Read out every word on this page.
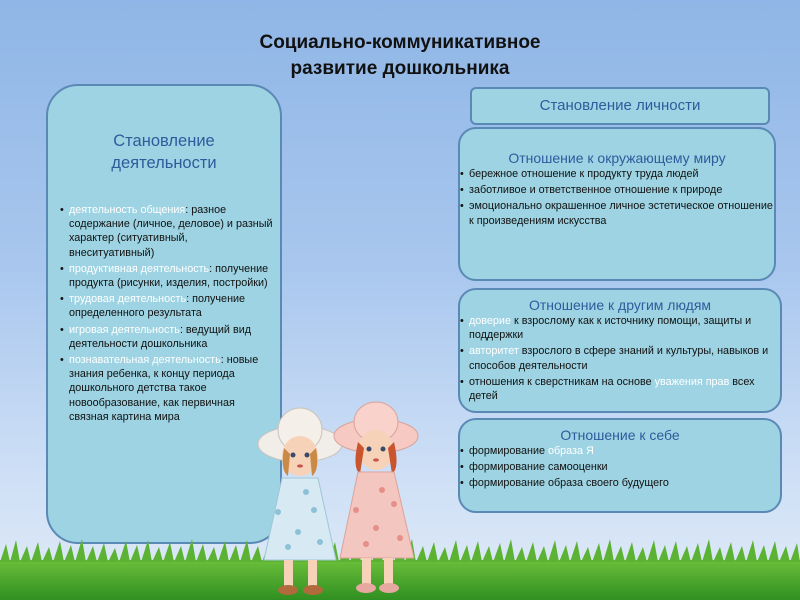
Социально-коммуникативное
развитие дошкольника
Становление
деятельности
• деятельность общения: разное содержание (личное, деловое) и разный характер (ситуативный, внеситуативный)
• продуктивная деятельность: получение продукта (рисунки, изделия, постройки)
• трудовая деятельность: получение определенного результата
• игровая деятельность: ведущий вид деятельности дошкольника
• познавательная деятельность: новые знания ребенка, к концу периода дошкольного детства такое новообразование, как первичная связная картина мира
Становление личности
Отношение к окружающему миру
• бережное отношение к продукту труда людей
• заботливое и ответственное отношение к природе
• эмоционально окрашенное личное эстетическое отношение к произведениям искусства
Отношение к другим людям
• доверие к взрослому как к источнику помощи, защиты и поддержки
• авторитет взрослого в сфере знаний и культуры, навыков и способов деятельности
• отношения к сверстникам на основе уважения прав всех детей
Отношение к себе
• формирование образа Я
• формирование самооценки
• формирование образа своего будущего
